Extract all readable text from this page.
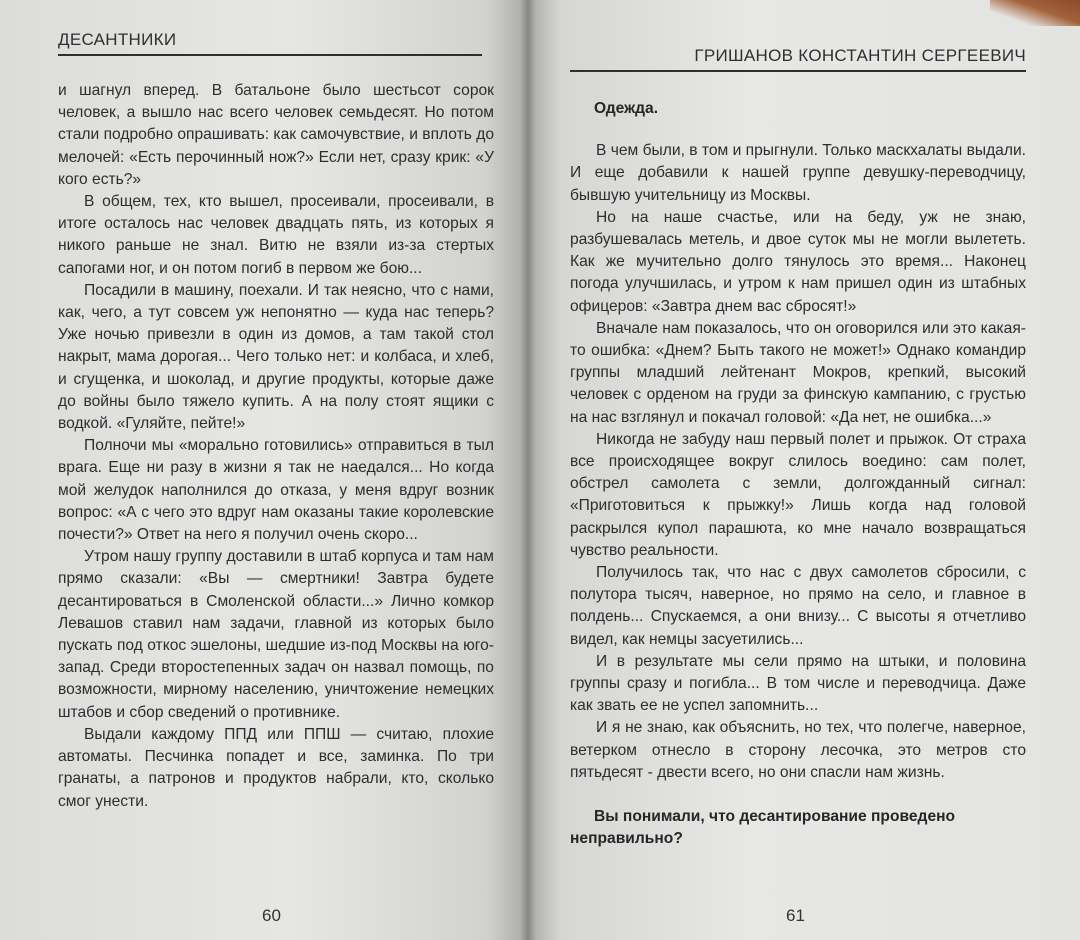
ДЕСАНТНИКИ

и шагнул вперед. В батальоне было шестьсот сорок человек, а вышло нас всего человек семьдесят. Но потом стали подробно опрашивать: как самочувствие, и вплоть до мелочей: «Есть перочинный нож?» Если нет, сразу крик: «У кого есть?»

В общем, тех, кто вышел, просеивали, просеивали, в итоге осталось нас человек двадцать пять, из которых я никого раньше не знал. Витю не взяли из-за стертых сапогами ног, и он потом погиб в первом же бою...

Посадили в машину, поехали. И так неясно, что с нами, как, чего, а тут совсем уж непонятно — куда нас теперь? Уже ночью привезли в один из домов, а там такой стол накрыт, мама дорогая... Чего только нет: и колбаса, и хлеб, и сгущенка, и шоколад, и другие продукты, которые даже до войны было тяжело купить. А на полу стоят ящики с водкой. «Гуляйте, пейте!»

Полночи мы «морально готовились» отправиться в тыл врага. Еще ни разу в жизни я так не наедался... Но когда мой желудок наполнился до отказа, у меня вдруг возник вопрос: «А с чего это вдруг нам оказаны такие королевские почести?» Ответ на него я получил очень скоро...

Утром нашу группу доставили в штаб корпуса и там нам прямо сказали: «Вы — смертники! Завтра будете десантироваться в Смоленской области...» Лично комкор Левашов ставил нам задачи, главной из которых было пускать под откос эшелоны, шедшие из-под Москвы на юго-запад. Среди второстепенных задач он назвал помощь, по возможности, мирному населению, уничтожение немецких штабов и сбор сведений о противнике.

Выдали каждому ППД или ППШ — считаю, плохие автоматы. Песчинка попадет и все, заминка. По три гранаты, а патронов и продуктов набрали, кто, сколько смог унести.

60
ГРИШАНОВ КОНСТАНТИН СЕРГЕЕВИЧ
Одежда.

В чем были, в том и прыгнули. Только маскхалаты выдали. И еще добавили к нашей группе девушку-переводчицу, бывшую учительницу из Москвы.

Но на наше счастье, или на беду, уж не знаю, разбушевалась метель, и двое суток мы не могли вылететь. Как же мучительно долго тянулось это время... Наконец погода улучшилась, и утром к нам пришел один из штабных офицеров: «Завтра днем вас сбросят!»

Вначале нам показалось, что он оговорился или это какая-то ошибка: «Днем? Быть такого не может!» Однако командир группы младший лейтенант Мокров, крепкий, высокий человек с орденом на груди за финскую кампанию, с грустью на нас взглянул и покачал головой: «Да нет, не ошибка...»

Никогда не забуду наш первый полет и прыжок. От страха все происходящее вокруг слилось воедино: сам полет, обстрел самолета с земли, долгожданный сигнал: «Приготовиться к прыжку!» Лишь когда над головой раскрылся купол парашюта, ко мне начало возвращаться чувство реальности.

Получилось так, что нас с двух самолетов сбросили, с полутора тысяч, наверное, но прямо на село, и главное в полдень... Спускаемся, а они внизу... С высоты я отчетливо видел, как немцы засуетились...

И в результате мы сели прямо на штыки, и половина группы сразу и погибла... В том числе и переводчица. Даже как звать ее не успел запомнить...

И я не знаю, как объяснить, но тех, что полегче, наверное, ветерком отнесло в сторону лесочка, это метров сто пятьдесят - двести всего, но они спасли нам жизнь.

Вы понимали, что десантирование проведено неправильно?
61
